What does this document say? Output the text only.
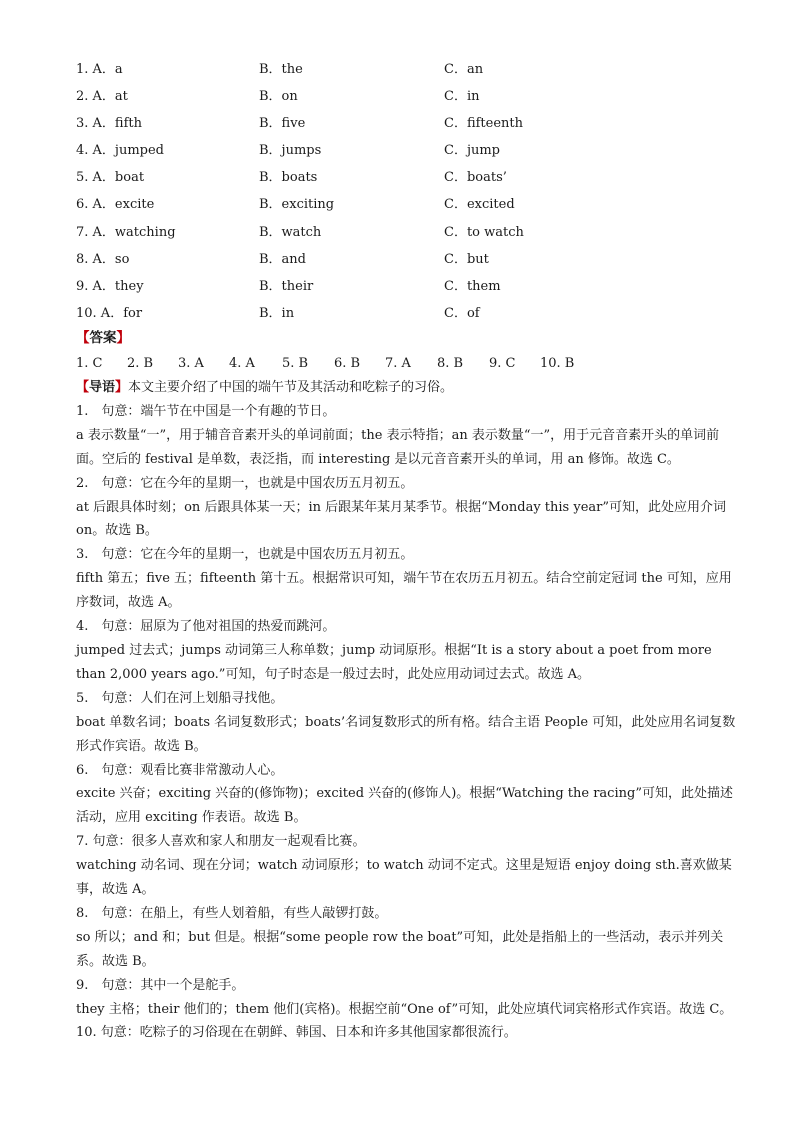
1. A．a	B．the	C．an
2. A．at	B．on	C．in
3. A．fifth	B．five	C．fifteenth
4. A．jumped	B．jumps	C．jump
5. A．boat	B．boats	C．boats’
6. A．excite	B．exciting	C．excited
7. A．watching	B．watch	C．to watch
8. A．so	B．and	C．but
9. A．they	B．their	C．them
10. A．for	B．in	C．of
【答案】
1. C 2. B 3. A 4. A 5. B 6. B 7. A 8. B 9. C 10. B

【导语】本文主要介绍了中国的端午节及其活动和吃粽子的习俗。

1.　句意：端午节在中国是一个有趣的节日。

a 表示数量“一”，用于辅音音素开头的单词前面；the 表示特指；an 表示数量“一”，用于元音音素开头的单词前面。空后的 festival 是单数，表泛指，而 interesting 是以元音音素开头的单词，用 an 修饰。故选 C。

2.　句意：它在今年的星期一，也就是中国农历五月初五。

at 后跟具体时刻；on 后跟具体某一天；in 后跟某年某月某季节。根据“Monday this year”可知，此处应用介词 on。故选 B。

3.　句意：它在今年的星期一，也就是中国农历五月初五。

fifth 第五；five 五；fifteenth 第十五。根据常识可知，端午节在农历五月初五。结合空前定冠词 the 可知，应用序数词，故选 A。

4.　句意：屈原为了他对祖国的热爱而跳河。

jumped 过去式；jumps 动词第三人称单数；jump 动词原形。根据“It is a story about a poet from more than 2,000 years ago.”可知，句子时态是一般过去时，此处应用动词过去式。故选 A。

5.　句意：人们在河上划船寻找他。

boat 单数名词；boats 名词复数形式；boats’名词复数形式的所有格。结合主语 People 可知，此处应用名词复数形式作宾语。故选 B。

6.　句意：观看比赛非常激动人心。

excite 兴奋；exciting 兴奋的(修饰物)；excited 兴奋的(修饰人)。根据“Watching the racing”可知，此处描述活动，应用 exciting 作表语。故选 B。

7. 句意：很多人喜欢和家人和朋友一起观看比赛。

watching 动名词、现在分词；watch 动词原形；to watch 动词不定式。这里是短语 enjoy doing sth.喜欢做某事，故选 A。

8.　句意：在船上，有些人划着船，有些人敲锣打鼓。

so 所以；and 和；but 但是。根据“some people row the boat”可知，此处是指船上的一些活动，表示并列关系。故选 B。

9.　句意：其中一个是舵手。

they 主格；their 他们的；them 他们(宾格)。根据空前“One of”可知，此处应填代词宾格形式作宾语。故选 C。

10. 句意：吃粽子的习俗现在在朝鲜、韩国、日本和许多其他国家都很流行。
